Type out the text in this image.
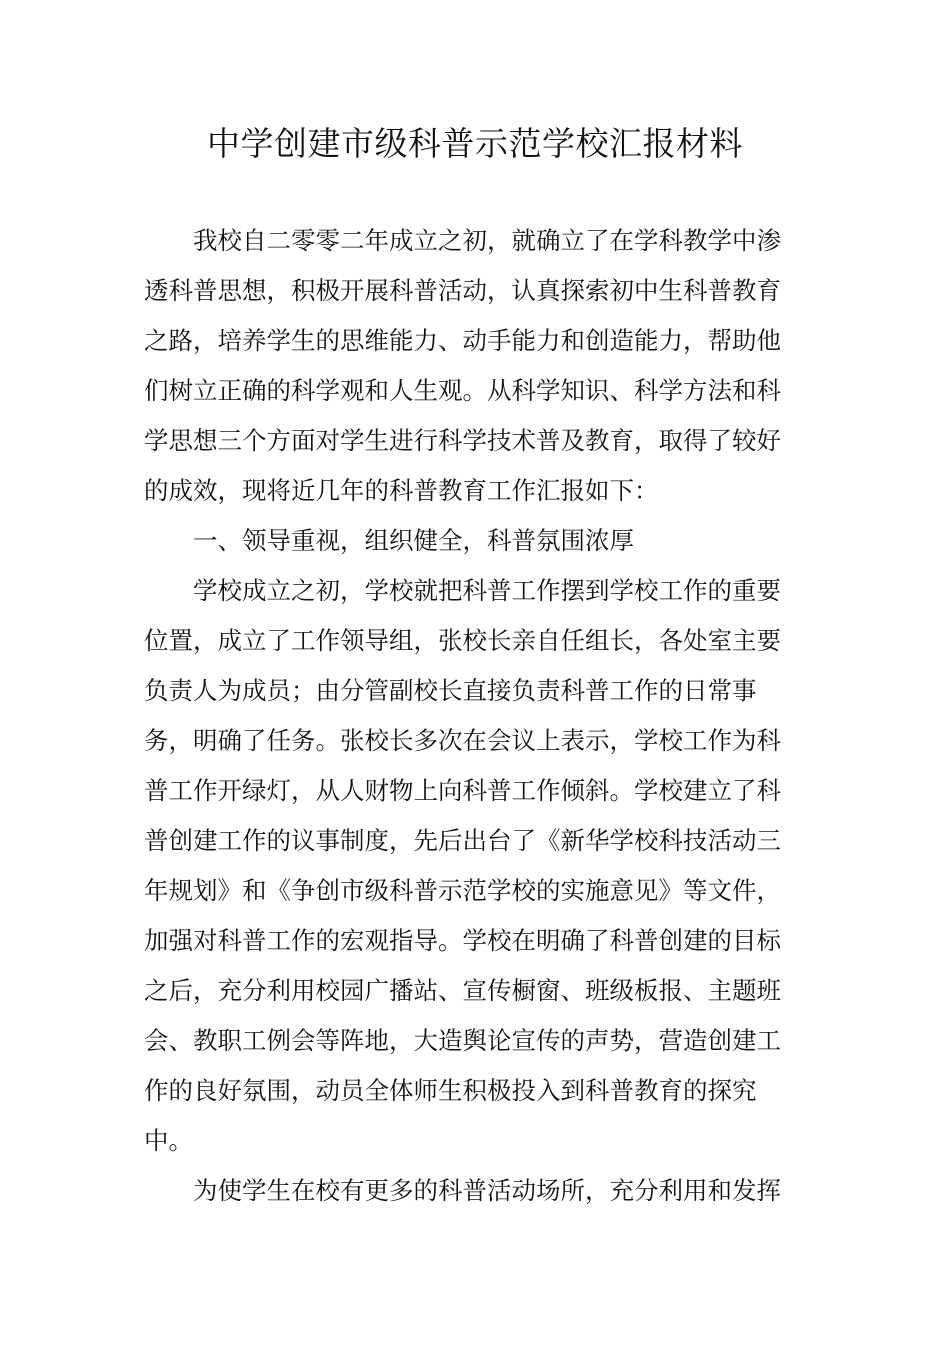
中学创建市级科普示范学校汇报材料

我校自二零零二年成立之初，就确立了在学科教学中渗

透科普思想，积极开展科普活动，认真探索初中生科普教育

之路，培养学生的思维能力、动手能力和创造能力，帮助他

们树立正确的科学观和人生观。从科学知识、科学方法和科

学思想三个方面对学生进行科学技术普及教育，取得了较好

的成效，现将近几年的科普教育工作汇报如下：

一、领导重视，组织健全，科普氛围浓厚

学校成立之初，学校就把科普工作摆到学校工作的重要

位置，成立了工作领导组，张校长亲自任组长，各处室主要

负责人为成员；由分管副校长直接负责科普工作的日常事

务，明确了任务。张校长多次在会议上表示，学校工作为科

普工作开绿灯，从人财物上向科普工作倾斜。学校建立了科

普创建工作的议事制度，先后出台了《新华学校科技活动三

年规划》和《争创市级科普示范学校的实施意见》等文件，

加强对科普工作的宏观指导。学校在明确了科普创建的目标

之后，充分利用校园广播站、宣传橱窗、班级板报、主题班

会、教职工例会等阵地，大造舆论宣传的声势，营造创建工

作的良好氛围，动员全体师生积极投入到科普教育的探究

中。

为使学生在校有更多的科普活动场所，充分利用和发挥
